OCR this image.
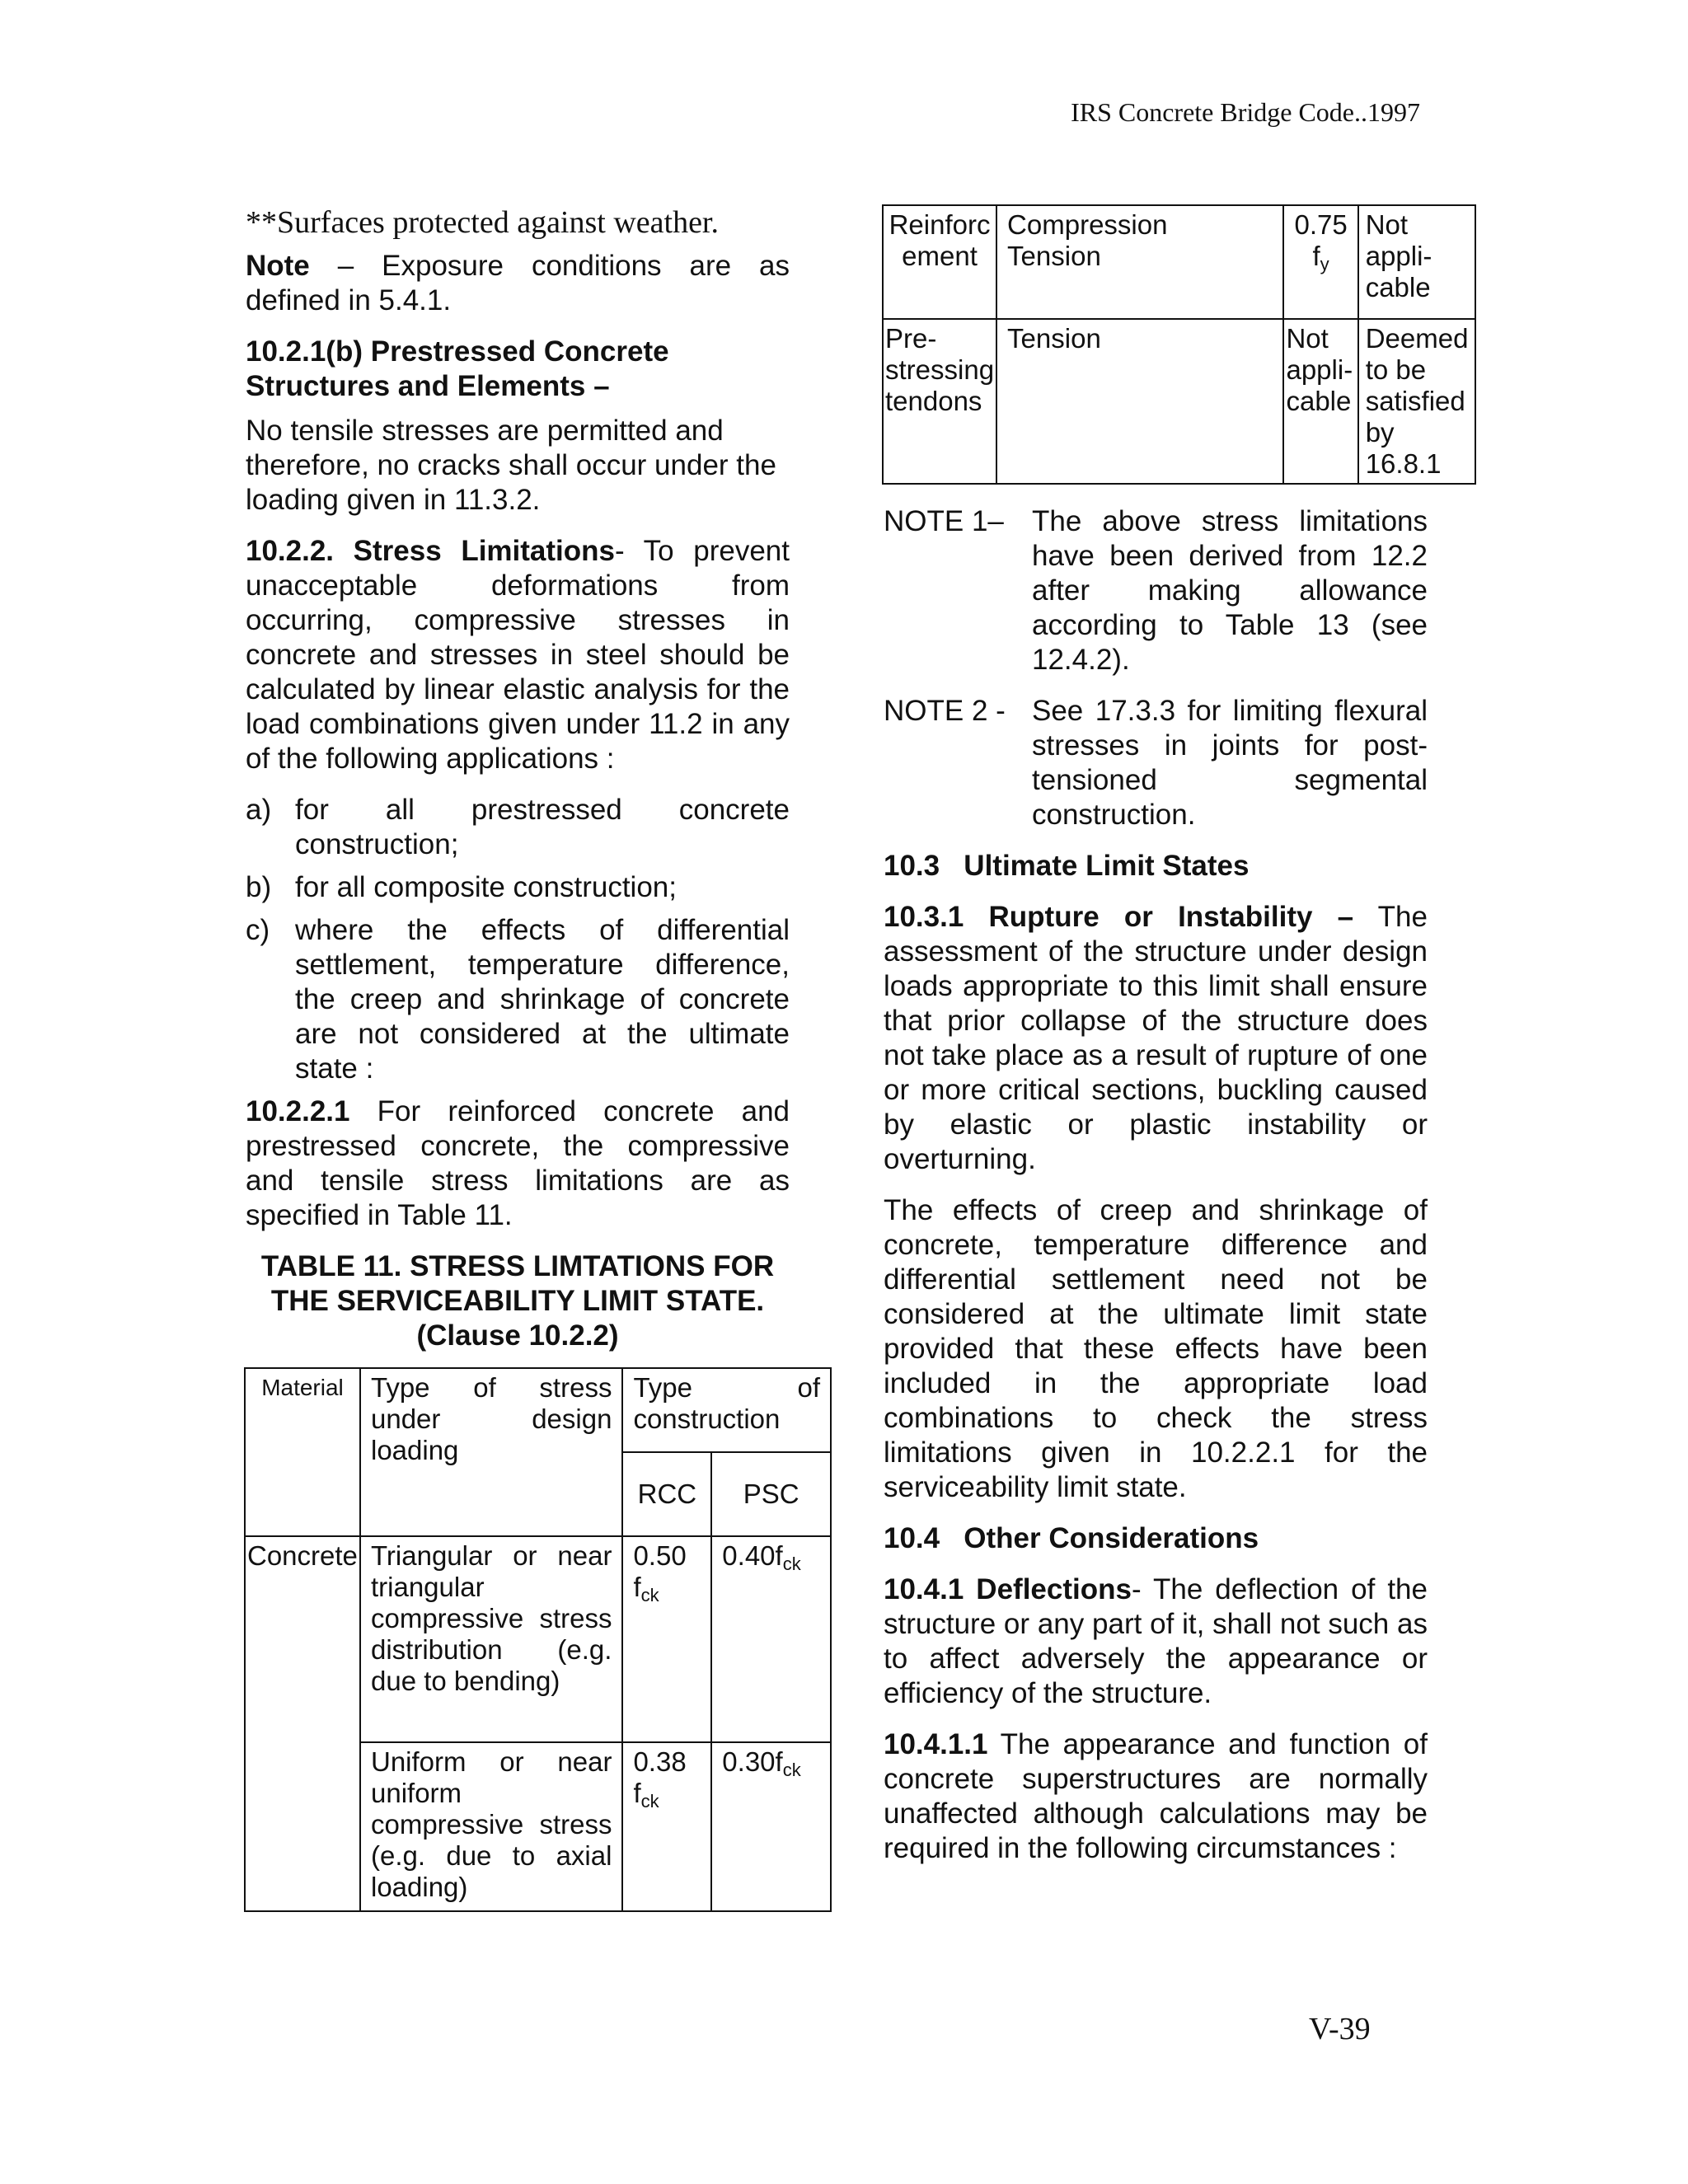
IRS Concrete Bridge Code..1997
**Surfaces protected against weather.

Note – Exposure conditions are as defined in 5.4.1.

10.2.1(b) Prestressed Concrete Structures and Elements –

No tensile stresses are permitted and therefore, no cracks shall occur under the loading given in 11.3.2.

10.2.2. Stress Limitations- To prevent unacceptable deformations from occurring, compressive stresses in concrete and stresses in steel should be calculated by linear elastic analysis for the load combinations given under 11.2 in any of the following applications :

a) for all prestressed concrete construction;
b) for all composite construction;
c) where the effects of differential settlement, temperature difference, the creep and shrinkage of concrete are not considered at the ultimate state :

10.2.2.1 For reinforced concrete and prestressed concrete, the compressive and tensile stress limitations are as specified in Table 11.

TABLE 11. STRESS LIMTATIONS FOR THE SERVICEABILITY LIMIT STATE.
(Clause 10.2.2)
Material	Type of stress under design loading	Type of construction	
		RCC	PSC
Concrete	Triangular or near triangular compressive stress distribution (e.g. due to bending)	0.50 $f_{ck}$	$0.40f_{ck}$
	Uniform or near uniform compressive stress (e.g. due to axial loading)	0.38 $f_{ck}$	$0.30f_{ck}$
Reinforcement	Compression Tension	0.75 $f_y$	Not appli-cable
Pre-stressing tendons	Tension	Not appli-cable	Deemed to be satisfied by 16.8.1
NOTE 1– The above stress limitations have been derived from 12.2 after making allowance according to Table 13 (see 12.4.2).
NOTE 2 - See 17.3.3 for limiting flexural stresses in joints for post-tensioned segmental construction.

10.3   Ultimate Limit States

10.3.1 Rupture or Instability – The assessment of the structure under design loads appropriate to this limit shall ensure that prior collapse of the structure does not take place as a result of rupture of one or more critical sections, buckling caused by elastic or plastic instability or overturning.

The effects of creep and shrinkage of concrete, temperature difference and differential settlement need not be considered at the ultimate limit state provided that these effects have been included in the appropriate load combinations to check the stress limitations given in 10.2.2.1 for the serviceability limit state.

10.4   Other Considerations

10.4.1 Deflections- The deflection of the structure or any part of it, shall not such as to affect adversely the appearance or efficiency of the structure.

10.4.1.1 The appearance and function of concrete superstructures are normally unaffected although calculations may be required in the following circumstances :

V-39
